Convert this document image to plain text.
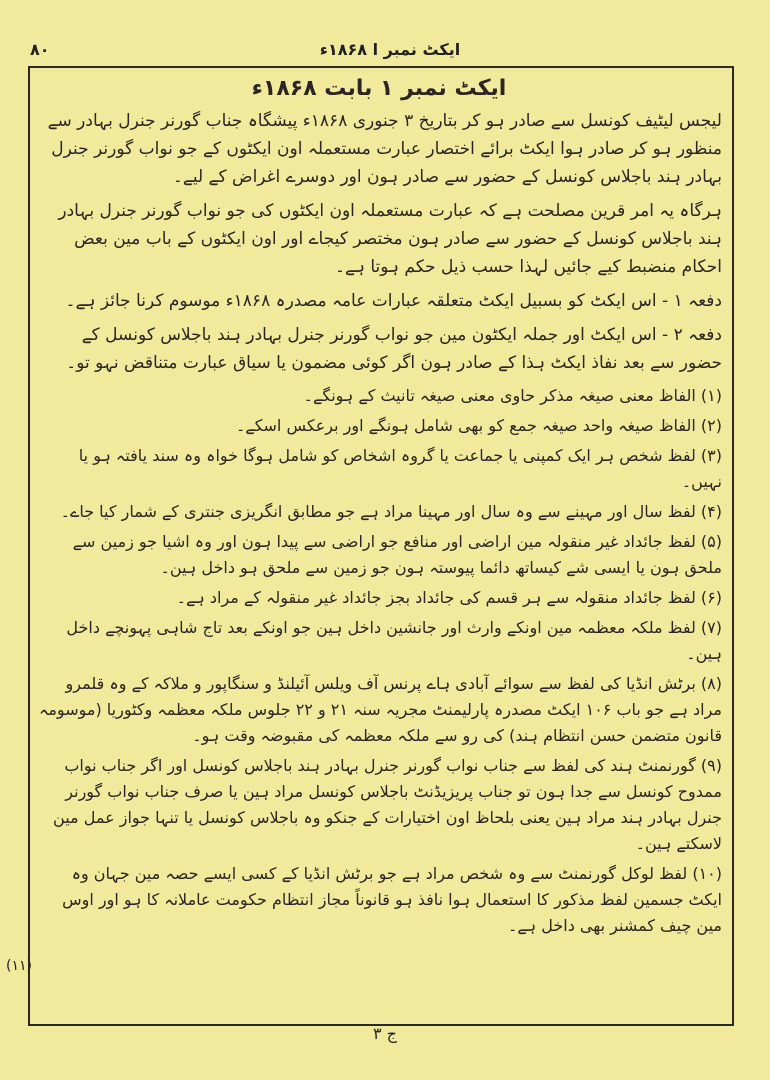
۸۰	ایکٹ نمبر ا ۱۸۶۸ء
ایکٹ نمبر ۱ بابت ۱۸۶۸ء

لیجس لیٹیف کونسل سے صادر ہو کر بتاریخ ۳ جنوری ۱۸۶۸ء پیشگاہ جناب گورنر جنرل بہادر سے منظور ہو کر صادر ہوا ایکٹ برائے اختصار عبارت مستعملہ اون ایکٹوں کے جو نواب گورنر جنرل بہادر ہند باجلاس کونسل کے حضور سے صادر ہون اور دوسرے اغراض کے لیے۔

ہرگاہ یہ امر قرین مصلحت ہے کہ عبارت مستعملہ اون ایکٹوں کی جو نواب گورنر جنرل بہادر ہند باجلاس کونسل کے حضور سے صادر ہون مختصر کیجاے اور اون ایکٹوں کے باب مین بعض احکام منضبط کیے جائیں لہذا حسب ذیل حکم ہوتا ہے۔

دفعہ ۱ - اس ایکٹ کو بسبیل ایکٹ متعلقہ عبارات عامہ مصدرہ ۱۸۶۸ء موسوم کرنا جائز ہے۔

دفعہ ۲ - اس ایکٹ اور جملہ ایکٹون مین جو نواب گورنر جنرل بہادر ہند باجلاس کونسل کے حضور سے بعد نفاذ ایکٹ ہذا کے صادر ہون اگر کوئی مضمون یا سیاق عبارت متناقض نہو تو۔

(۱) الفاظ معنی صیغہ مذکر حاوی معنی صیغہ تانیث کے ہونگے۔

(۲) الفاظ صیغہ واحد صیغہ جمع کو بھی شامل ہونگے اور برعکس اسکے۔

(۳) لفظ شخص ہر ایک کمپنی یا جماعت یا گروہ اشخاص کو شامل ہوگا خواہ وہ سند یافتہ ہو یا نہیں۔

(۴) لفظ سال اور مہینے سے وہ سال اور مہینا مراد ہے جو مطابق انگریزی جنتری کے شمار کیا جاے۔

(۵) لفظ جائداد غیر منقولہ مین اراضی اور منافع جو اراضی سے پیدا ہون اور وہ اشیا جو زمین سے ملحق ہون یا ایسی شے کیساتھ دائما پیوستہ ہون جو زمین سے ملحق ہو داخل ہین۔

(۶) لفظ جائداد منقولہ سے ہر قسم کی جائداد بجز جائداد غیر منقولہ کے مراد ہے۔

(۷) لفظ ملکہ معظمہ مین اونکے وارث اور جانشین داخل ہین جو اونکے بعد تاج شاہی پہونچے داخل ہین۔

(۸) برٹش انڈیا کی لفظ سے سوائے آبادی ہاے پرنس آف ویلس آئیلنڈ و سنگاپور و ملاکہ کے وہ قلمرو مراد ہے جو باب ۱۰۶ ایکٹ مصدرہ پارلیمنٹ مجریہ سنہ ۲۱ و ۲۲ جلوس ملکہ معظمہ وکٹوریا (موسومہ قانون متضمن حسن انتظام ہند) کی رو سے ملکہ معظمہ کی مقبوضہ وقت ہو۔

(۹) گورنمنٹ ہند کی لفظ سے جناب نواب گورنر جنرل بہادر ہند باجلاس کونسل اور اگر جناب نواب ممدوح کونسل سے جدا ہون تو جناب پریزیڈنٹ باجلاس کونسل مراد ہین یا صرف جناب نواب گورنر جنرل بہادر ہند مراد ہین یعنی بلحاظ اون اختیارات کے جنکو وہ باجلاس کونسل یا تنہا جواز عمل مین لاسکتے ہین۔

(۱۰) لفظ لوکل گورنمنٹ سے وہ شخص مراد ہے جو برٹش انڈیا کے کسی ایسے حصہ مین جہان وہ ایکٹ جسمین لفظ مذکور کا استعمال ہوا نافذ ہو قانوناً مجاز انتظام حکومت عاملانہ کا ہو اور اوس مین چیف کمشنر بھی داخل ہے۔

(۱۱)
ج ۳
